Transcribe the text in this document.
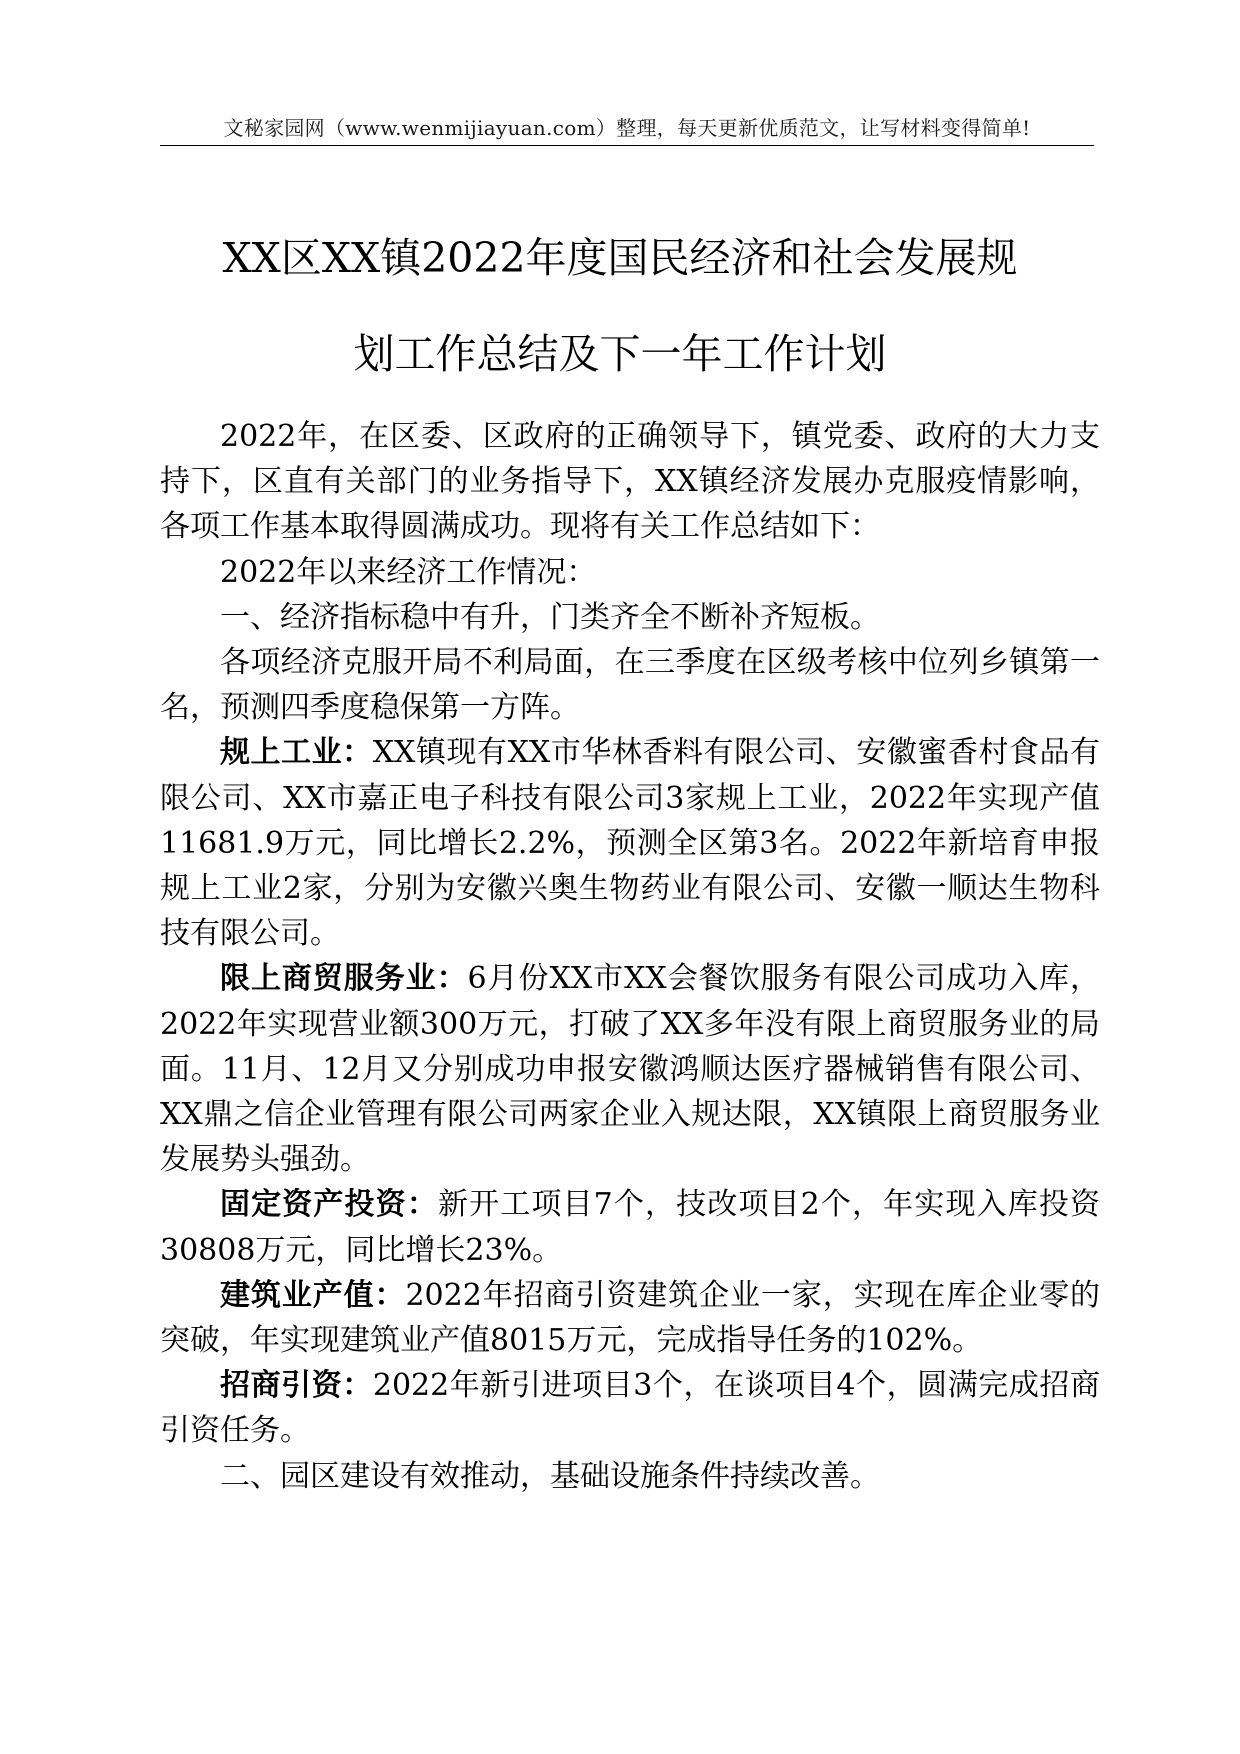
文秘家园网（www.wenmijiayuan.com）整理，每天更新优质范文，让写材料变得简单!
XX区XX镇2022年度国民经济和社会发展规
划工作总结及下一年工作计划

2022年，在区委、区政府的正确领导下，镇党委、政府的大力支持下，区直有关部门的业务指导下，XX镇经济发展办克服疫情影响，各项工作基本取得圆满成功。现将有关工作总结如下：

2022年以来经济工作情况：

一、经济指标稳中有升，门类齐全不断补齐短板。

各项经济克服开局不利局面，在三季度在区级考核中位列乡镇第一名，预测四季度稳保第一方阵。

规上工业：XX镇现有XX市华林香料有限公司、安徽蜜香村食品有限公司、XX市嘉正电子科技有限公司3家规上工业，2022年实现产值11681.9万元，同比增长2.2%，预测全区第3名。2022年新培育申报规上工业2家，分别为安徽兴奥生物药业有限公司、安徽一顺达生物科技有限公司。

限上商贸服务业：6月份XX市XX会餐饮服务有限公司成功入库，2022年实现营业额300万元，打破了XX多年没有限上商贸服务业的局面。11月、12月又分别成功申报安徽鸿顺达医疗器械销售有限公司、XX鼎之信企业管理有限公司两家企业入规达限，XX镇限上商贸服务业发展势头强劲。

固定资产投资：新开工项目7个，技改项目2个，年实现入库投资30808万元，同比增长23%。

建筑业产值：2022年招商引资建筑企业一家，实现在库企业零的突破，年实现建筑业产值8015万元，完成指导任务的102%。

招商引资：2022年新引进项目3个，在谈项目4个，圆满完成招商引资任务。

二、园区建设有效推动，基础设施条件持续改善。
